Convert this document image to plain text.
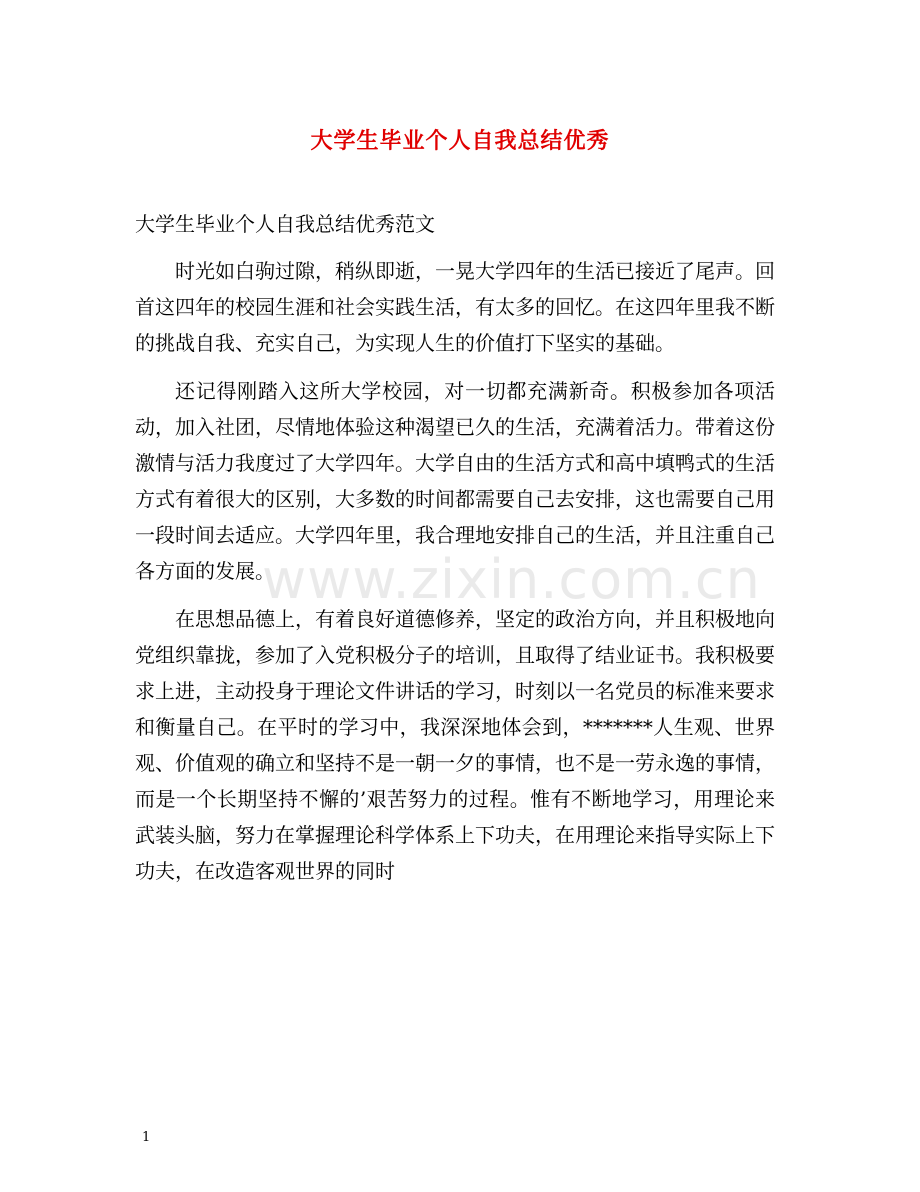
大学生毕业个人自我总结优秀
大学生毕业个人自我总结优秀范文

时光如白驹过隙，稍纵即逝，一晃大学四年的生活已接近了尾声。回首这四年的校园生涯和社会实践生活，有太多的回忆。在这四年里我不断的挑战自我、充实自己，为实现人生的价值打下坚实的基础。

还记得刚踏入这所大学校园，对一切都充满新奇。积极参加各项活动，加入社团，尽情地体验这种渴望已久的生活，充满着活力。带着这份激情与活力我度过了大学四年。大学自由的生活方式和高中填鸭式的生活方式有着很大的区别，大多数的时间都需要自己去安排，这也需要自己用一段时间去适应。大学四年里，我合理地安排自己的生活，并且注重自己各方面的发展。

在思想品德上，有着良好道德修养，坚定的政治方向，并且积极地向党组织靠拢，参加了入党积极分子的培训，且取得了结业证书。我积极要求上进，主动投身于理论文件讲话的学习，时刻以一名党员的标准来要求和衡量自己。在平时的学习中，我深深地体会到，*******人生观、世界观、价值观的确立和坚持不是一朝一夕的事情，也不是一劳永逸的事情，而是一个长期坚持不懈的’艰苦努力的过程。惟有不断地学习，用理论来武装头脑，努力在掌握理论科学体系上下功夫，在用理论来指导实际上下功夫，在改造客观世界的同时

www.zixin.com.cn
1
